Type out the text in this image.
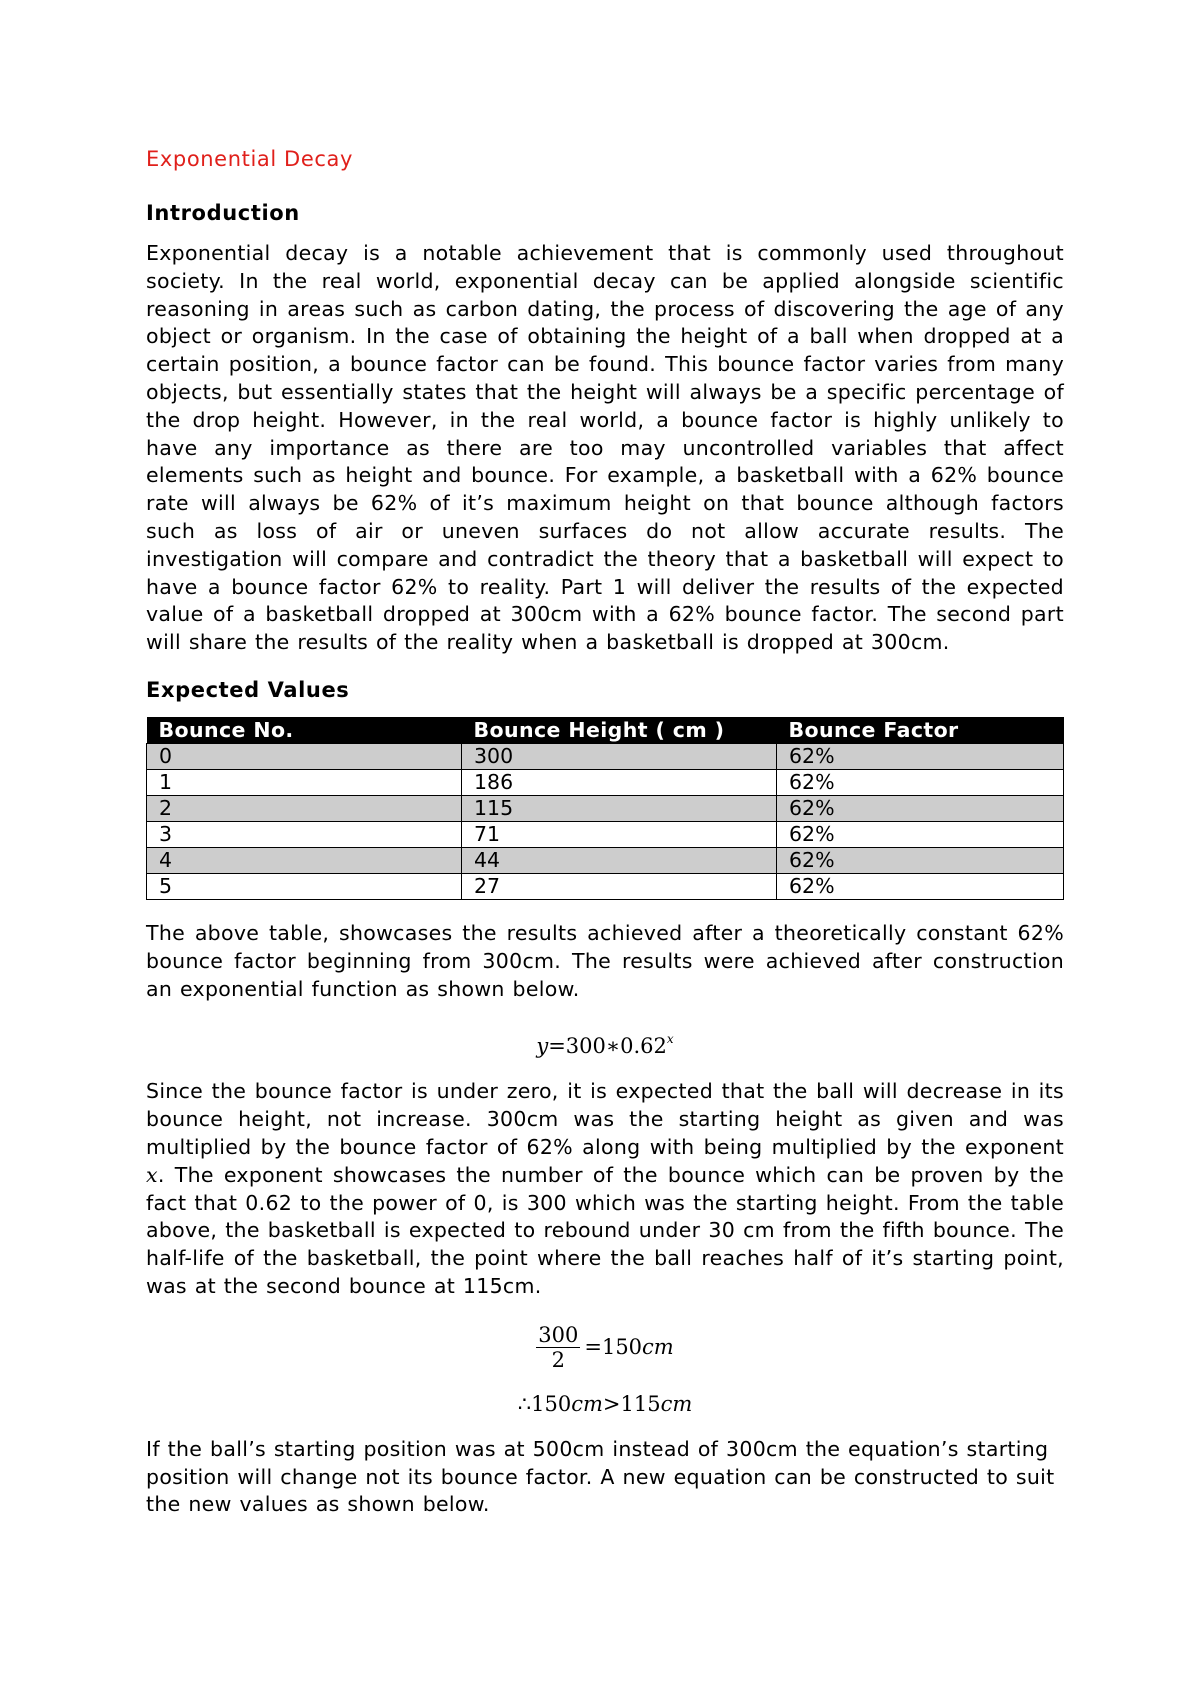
Exponential Decay
Introduction

Exponential decay is a notable achievement that is commonly used throughout society. In the real world, exponential decay can be applied alongside scientific reasoning in areas such as carbon dating, the process of discovering the age of any object or organism. In the case of obtaining the height of a ball when dropped at a certain position, a bounce factor can be found. This bounce factor varies from many objects, but essentially states that the height will always be a specific percentage of the drop height. However, in the real world, a bounce factor is highly unlikely to have any importance as there are too may uncontrolled variables that affect elements such as height and bounce. For example, a basketball with a 62% bounce rate will always be 62% of it’s maximum height on that bounce although factors such as loss of air or uneven surfaces do not allow accurate results. The investigation will compare and contradict the theory that a basketball will expect to have a bounce factor 62% to reality. Part 1 will deliver the results of the expected value of a basketball dropped at 300cm with a 62% bounce factor. The second part will share the results of the reality when a basketball is dropped at 300cm.

Expected Values
Bounce No.	Bounce Height ( cm )	Bounce Factor
0	300	62%
1	186	62%
2	115	62%
3	71	62%
4	44	62%
5	27	62%

The above table, showcases the results achieved after a theoretically constant 62% bounce factor beginning from 300cm. The results were achieved after construction an exponential function as shown below.

$y=300∗0.62^x$

Since the bounce factor is under zero, it is expected that the ball will decrease in its bounce height, not increase. 300cm was the starting height as given and was multiplied by the bounce factor of 62% along with being multiplied by the exponent x. The exponent showcases the number of the bounce which can be proven by the fact that 0.62 to the power of 0, is 300 which was the starting height. From the table above, the basketball is expected to rebound under 30 cm from the fifth bounce. The half-life of the basketball, the point where the ball reaches half of it’s starting point, was at the second bounce at 115cm.

$\frac{300}{2} =150$ cm
∴150cm>115cm

If the ball’s starting position was at 500cm instead of 300cm the equation’s starting position will change not its bounce factor. A new equation can be constructed to suit the new values as shown below.
